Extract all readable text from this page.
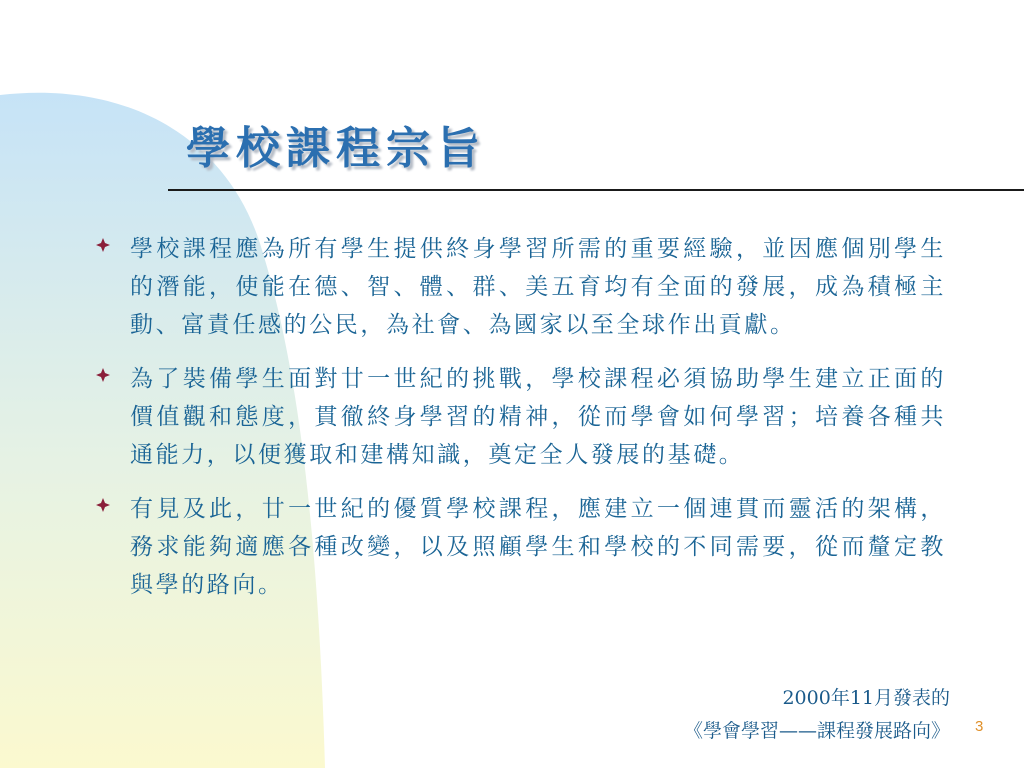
學校課程宗旨
學校課程應為所有學生提供終身學習所需的重要經驗，並因應個別學生的潛能，使能在德、智、體、群、美五育均有全面的發展，成為積極主動、富責任感的公民，為社會、為國家以至全球作出貢獻。
為了裝備學生面對廿一世紀的挑戰，學校課程必須協助學生建立正面的價值觀和態度，貫徹終身學習的精神，從而學會如何學習；培養各種共通能力，以便獲取和建構知識，奠定全人發展的基礎。
有見及此，廿一世紀的優質學校課程，應建立一個連貫而靈活的架構，務求能夠適應各種改變，以及照顧學生和學校的不同需要，從而釐定教與學的路向。
2000年11月發表的
《學會學習——課程發展路向》 3
